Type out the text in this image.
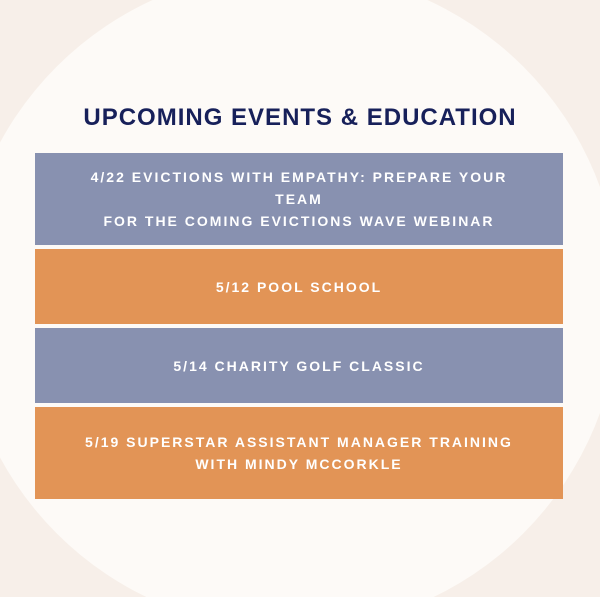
UPCOMING EVENTS & EDUCATION
4/22 EVICTIONS WITH EMPATHY: PREPARE YOUR TEAM
FOR THE COMING EVICTIONS WAVE WEBINAR
5/12 POOL SCHOOL
5/14 CHARITY GOLF CLASSIC
5/19 SUPERSTAR ASSISTANT MANAGER TRAINING
WITH MINDY MCCORKLE
